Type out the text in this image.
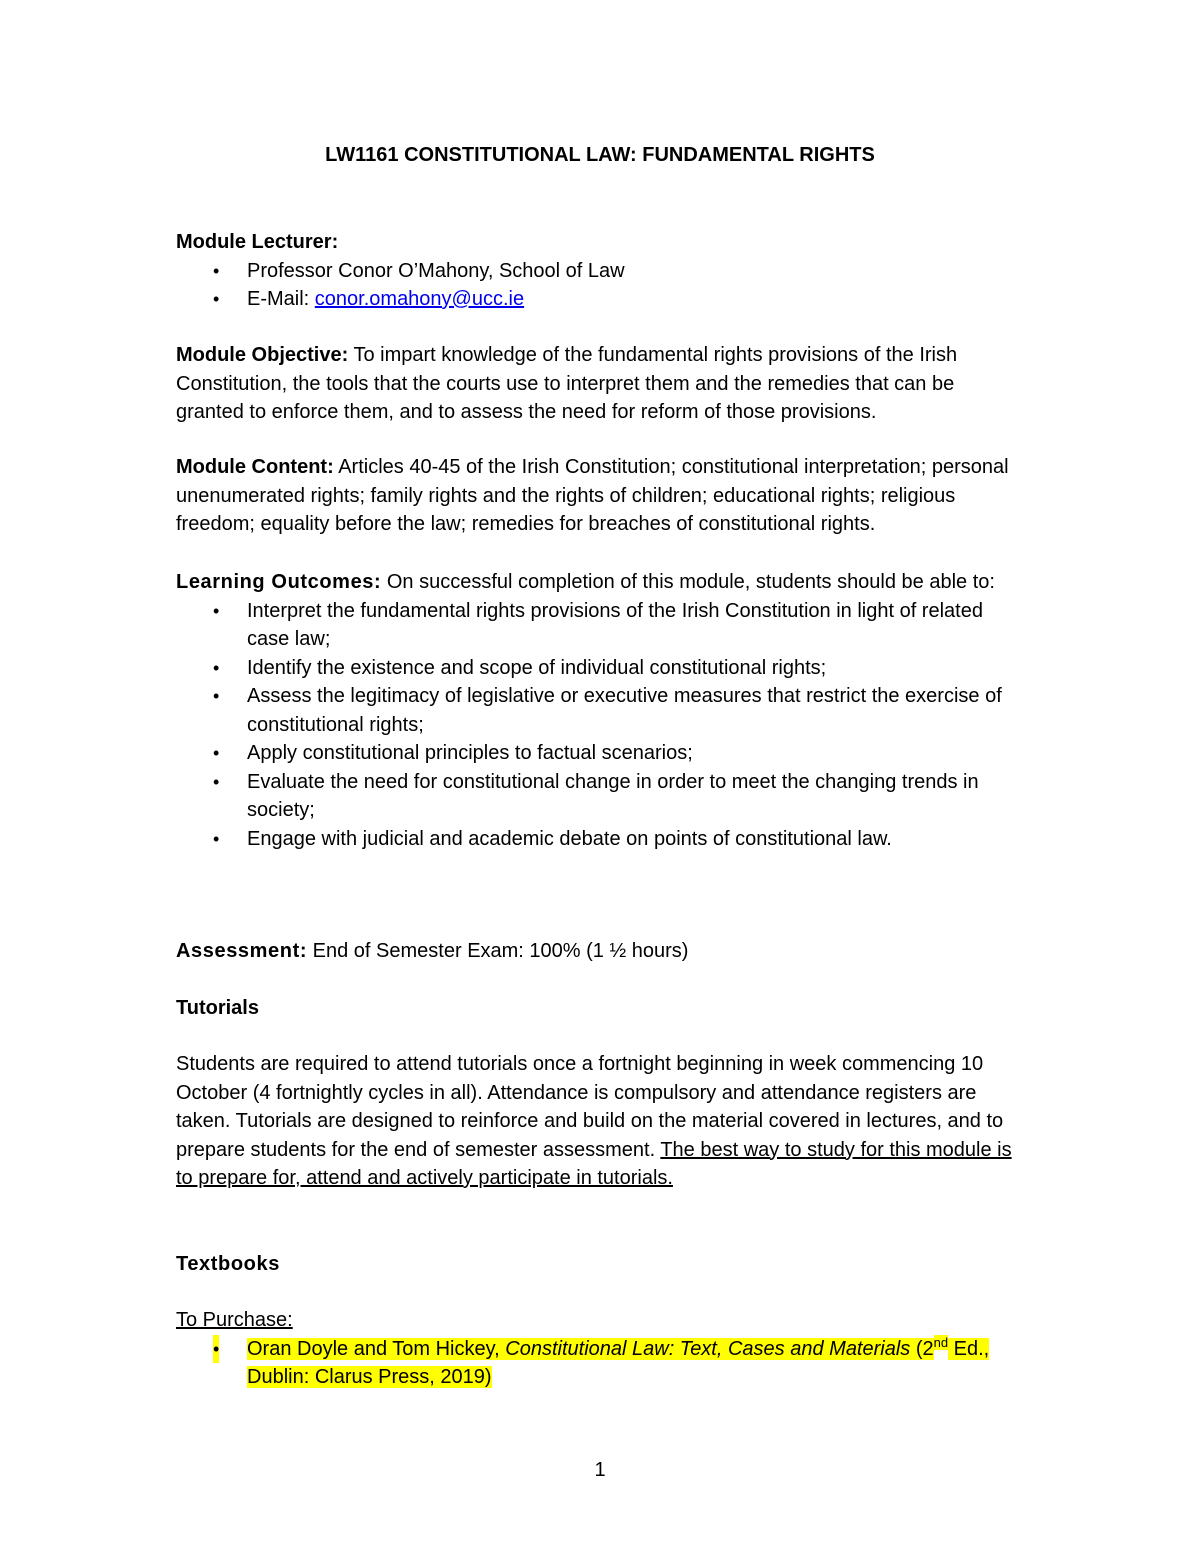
LW1161 CONSTITUTIONAL LAW: FUNDAMENTAL RIGHTS
Module Lecturer:
• Professor Conor O’Mahony, School of Law
• E-Mail: conor.omahony@ucc.ie
Module Objective: To impart knowledge of the fundamental rights provisions of the Irish Constitution, the tools that the courts use to interpret them and the remedies that can be granted to enforce them, and to assess the need for reform of those provisions.
Module Content: Articles 40-45 of the Irish Constitution; constitutional interpretation; personal unenumerated rights; family rights and the rights of children; educational rights; religious freedom; equality before the law; remedies for breaches of constitutional rights.
Learning Outcomes: On successful completion of this module, students should be able to:
• Interpret the fundamental rights provisions of the Irish Constitution in light of related case law;
• Identify the existence and scope of individual constitutional rights;
• Assess the legitimacy of legislative or executive measures that restrict the exercise of constitutional rights;
• Apply constitutional principles to factual scenarios;
• Evaluate the need for constitutional change in order to meet the changing trends in society;
• Engage with judicial and academic debate on points of constitutional law.
Assessment: End of Semester Exam: 100% (1 ½ hours)
Tutorials
Students are required to attend tutorials once a fortnight beginning in week commencing 10 October (4 fortnightly cycles in all). Attendance is compulsory and attendance registers are taken. Tutorials are designed to reinforce and build on the material covered in lectures, and to prepare students for the end of semester assessment. The best way to study for this module is to prepare for, attend and actively participate in tutorials.
Textbooks
To Purchase:
• Oran Doyle and Tom Hickey, Constitutional Law: Text, Cases and Materials (2nd Ed., Dublin: Clarus Press, 2019)
1
